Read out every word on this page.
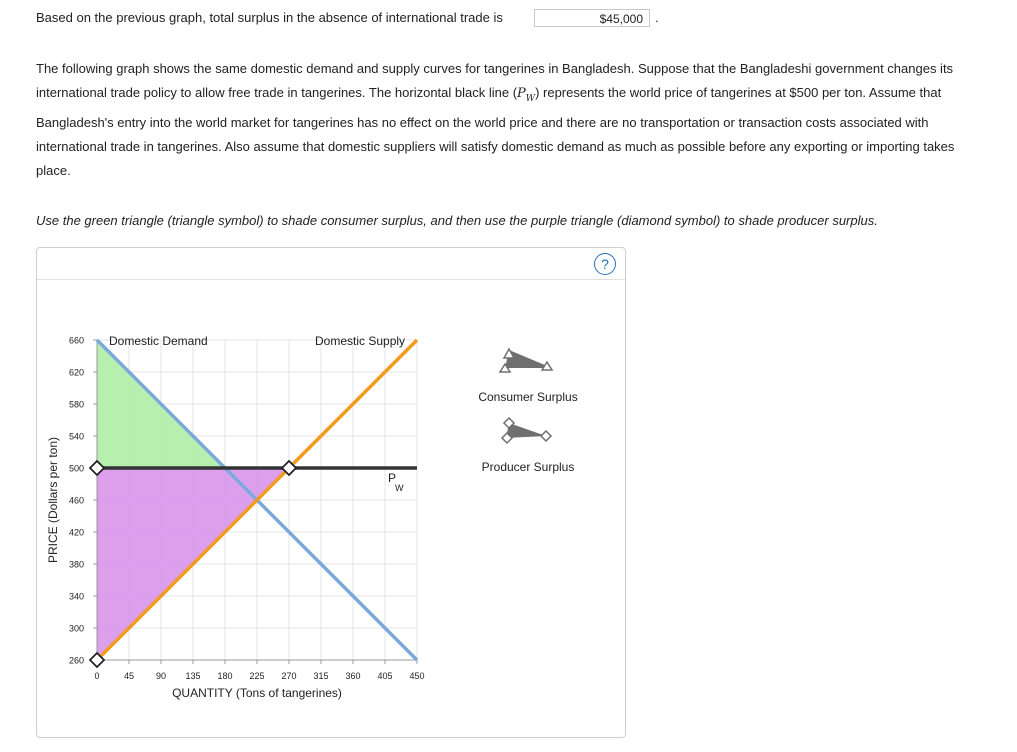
Based on the previous graph, total surplus in the absence of international trade is	$45,000 .
The following graph shows the same domestic demand and supply curves for tangerines in Bangladesh. Suppose that the Bangladeshi government changes its international trade policy to allow free trade in tangerines. The horizontal black line $(P_W)$ represents the world price of tangerines at $500 per ton. Assume that Bangladesh's entry into the world market for tangerines has no effect on the world price and there are no transportation or transaction costs associated with international trade in tangerines. Also assume that domestic suppliers will satisfy domestic demand as much as possible before any exporting or importing takes place.
Use the green triangle (triangle symbol) to shade consumer surplus, and then use the purple triangle (diamond symbol) to shade producer surplus.
?
0	45 90 135 180 225 270 315 360 405 450
260
300
340
380
420
460
500
540
580
620
660 Domestic Demand	Domestic Supply
P
W
QUANTITY (Tons of tangerines)
PRICE (Dollars per ton)
Consumer Surplus
Producer Surplus
